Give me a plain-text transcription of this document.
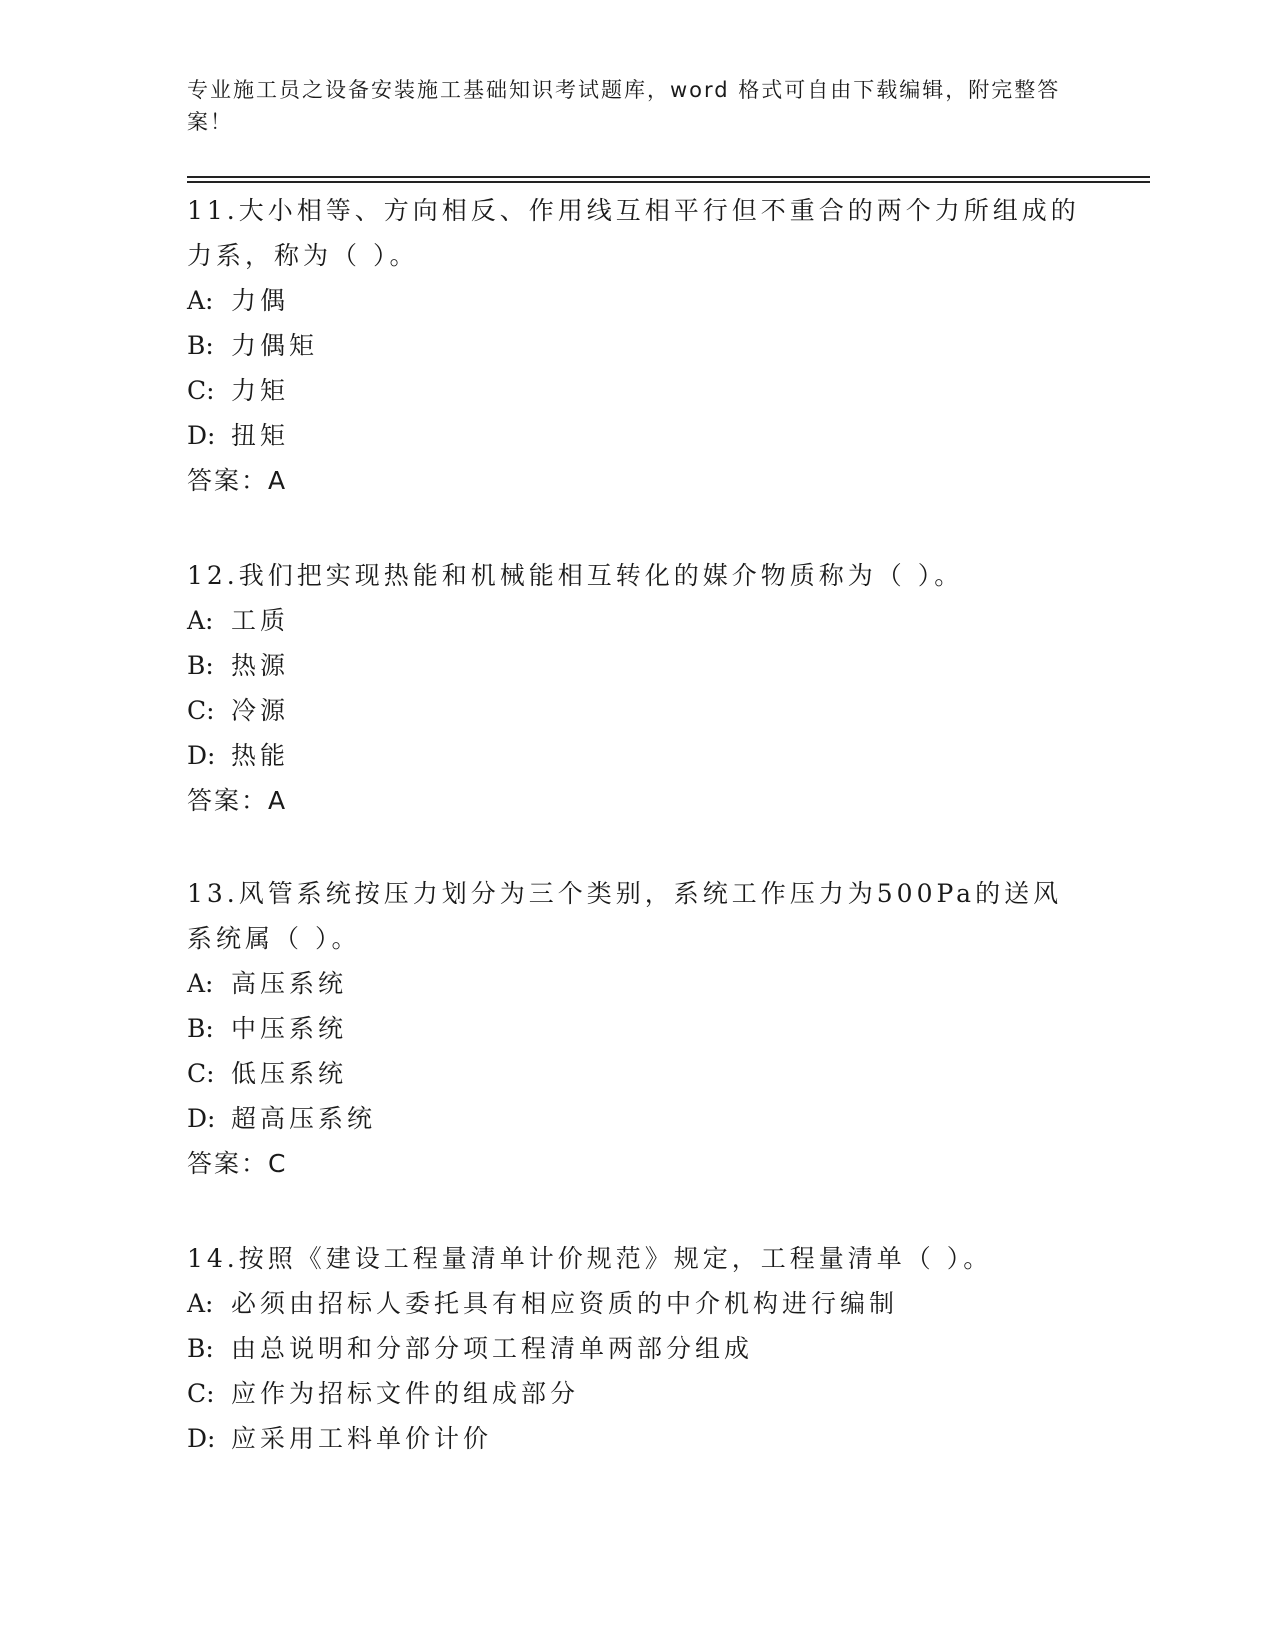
专业施工员之设备安装施工基础知识考试题库，word 格式可自由下载编辑，附完整答案！

11.大小相等、方向相反、作用线互相平行但不重合的两个力所组成的力系，称为（ ）。

A: 力偶

B: 力偶矩

C: 力矩

D: 扭矩

答案：A

12.我们把实现热能和机械能相互转化的媒介物质称为（ ）。

A: 工质

B: 热源

C: 冷源

D: 热能

答案：A

13.风管系统按压力划分为三个类别，系统工作压力为500Pa的送风系统属（ ）。

A: 高压系统

B: 中压系统

C: 低压系统

D: 超高压系统

答案：C

14.按照《建设工程量清单计价规范》规定，工程量清单（ ）。

A: 必须由招标人委托具有相应资质的中介机构进行编制

B: 由总说明和分部分项工程清单两部分组成

C: 应作为招标文件的组成部分

D: 应采用工料单价计价
